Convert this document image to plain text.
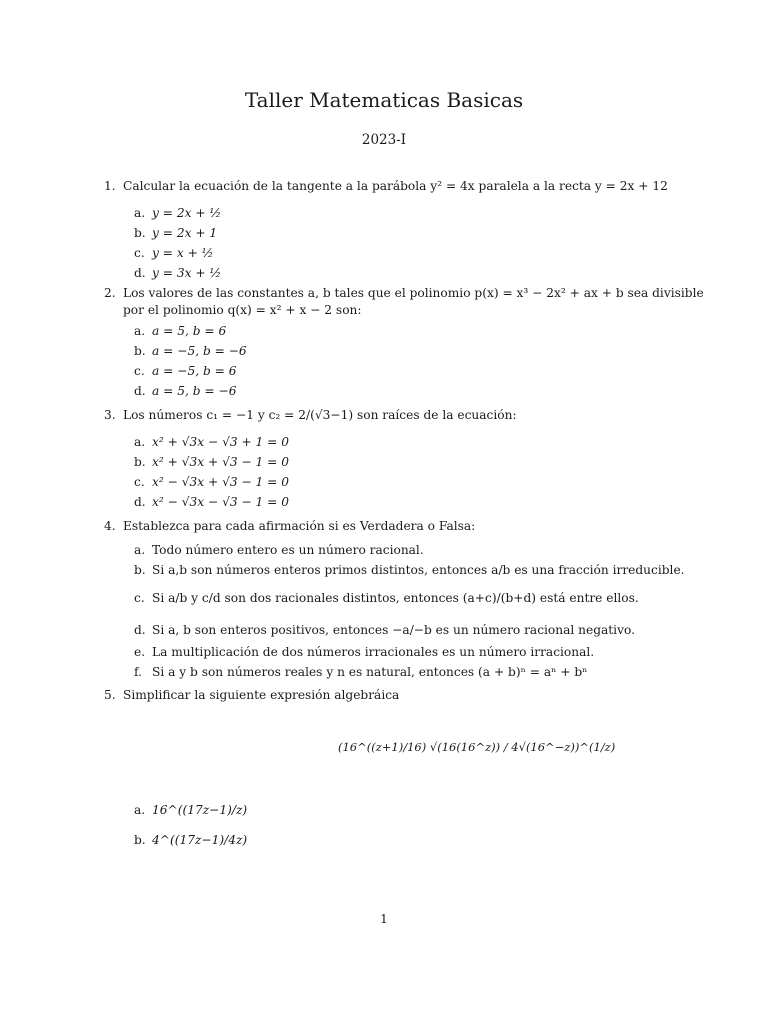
Taller Matematicas Basicas
2023-I
1. Calcular la ecuación de la tangente a la parábola y² = 4x paralela a la recta y = 2x + 12
a. y = 2x + ½
b. y = 2x + 1
c. y = x + ½
d. y = 3x + ½
2. Los valores de las constantes a, b tales que el polinomio p(x) = x³ − 2x² + ax + b sea divisible por el polinomio q(x) = x² + x − 2 son:
a. a = 5, b = 6
b. a = −5, b = −6
c. a = −5, b = 6
d. a = 5, b = −6
3. Los números c₁ = −1 y c₂ = 2/(√3−1) son raíces de la ecuación:
a. x² + √3x − √3 + 1 = 0
b. x² + √3x + √3 − 1 = 0
c. x² − √3x + √3 − 1 = 0
d. x² − √3x − √3 − 1 = 0
4. Establezca para cada afirmación si es Verdadera o Falsa:
a. Todo número entero es un número racional.
b. Si a,b son números enteros primos distintos, entonces a/b es una fracción irreducible.
c. Si a/b y c/d son dos racionales distintos, entonces (a+c)/(b+d) está entre ellos.
d. Si a, b son enteros positivos, entonces −a/−b es un número racional negativo.
e. La multiplicación de dos números irracionales es un número irracional.
f. Si a y b son números reales y n es natural, entonces (a + b)ⁿ = aⁿ + bⁿ
5. Simplificar la siguiente expresión algebráica
(16^((z+1)/16) √(16(16^z)) / 4√(16^−z))^(1/z)
a. 16^((17z−1)/z)
b. 4^((17z−1)/4z)
1
